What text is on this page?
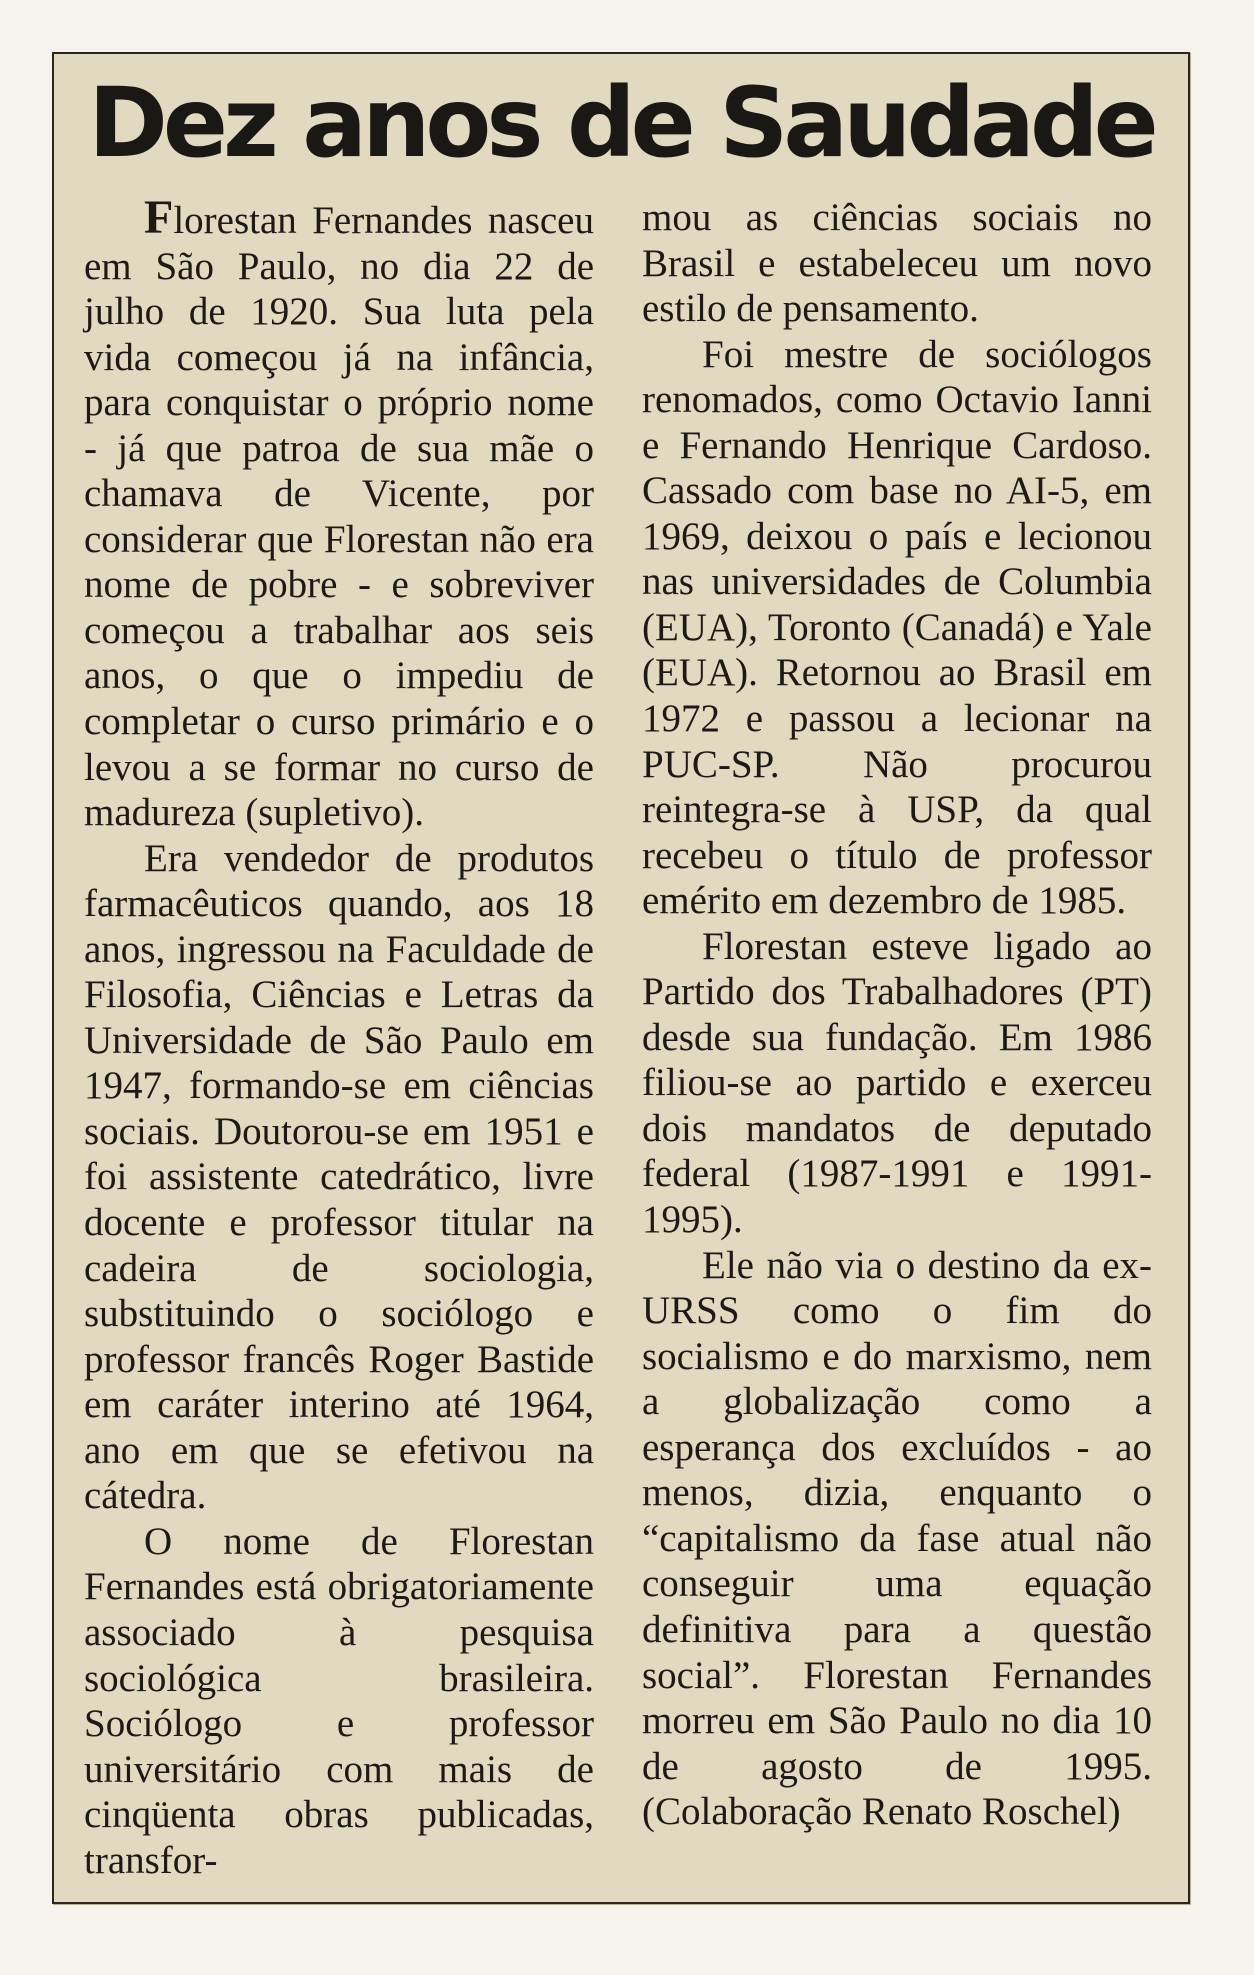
Dez anos de Saudade

Florestan Fernandes nasceu em São Paulo, no dia 22 de julho de 1920. Sua luta pela vida começou já na infância, para conquistar o próprio nome - já que patroa de sua mãe o chamava de Vicente, por considerar que Florestan não era nome de pobre - e sobreviver começou a trabalhar aos seis anos, o que o impediu de completar o curso primário e o levou a se formar no curso de madureza (supletivo).

Era vendedor de produtos farmacêuticos quando, aos 18 anos, ingressou na Faculdade de Filosofia, Ciências e Letras da Universidade de São Paulo em 1947, formando-se em ciências sociais. Doutorou-se em 1951 e foi assistente catedrático, livre docente e professor titular na cadeira de sociologia, substituindo o sociólogo e professor francês Roger Bastide em caráter interino até 1964, ano em que se efetivou na cátedra.

O nome de Florestan Fernandes está obrigatoriamente associado à pesquisa sociológica brasileira. Sociólogo e professor universitário com mais de cinqüenta obras publicadas, transfor-

mou as ciências sociais no Brasil e estabeleceu um novo estilo de pensamento.

Foi mestre de sociólogos renomados, como Octavio Ianni e Fernando Henrique Cardoso. Cassado com base no AI-5, em 1969, deixou o país e lecionou nas universidades de Columbia (EUA), Toronto (Canadá) e Yale (EUA). Retornou ao Brasil em 1972 e passou a lecionar na PUC-SP. Não procurou reintegra-se à USP, da qual recebeu o título de professor emérito em dezembro de 1985.

Florestan esteve ligado ao Partido dos Trabalhadores (PT) desde sua fundação. Em 1986 filiou-se ao partido e exerceu dois mandatos de deputado federal (1987-1991 e 1991-1995).

Ele não via o destino da ex-URSS como o fim do socialismo e do marxismo, nem a globalização como a esperança dos excluídos - ao menos, dizia, enquanto o “capitalismo da fase atual não conseguir uma equação definitiva para a questão social”. Florestan Fernandes morreu em São Paulo no dia 10 de agosto de 1995. (Colaboração Renato Roschel)
